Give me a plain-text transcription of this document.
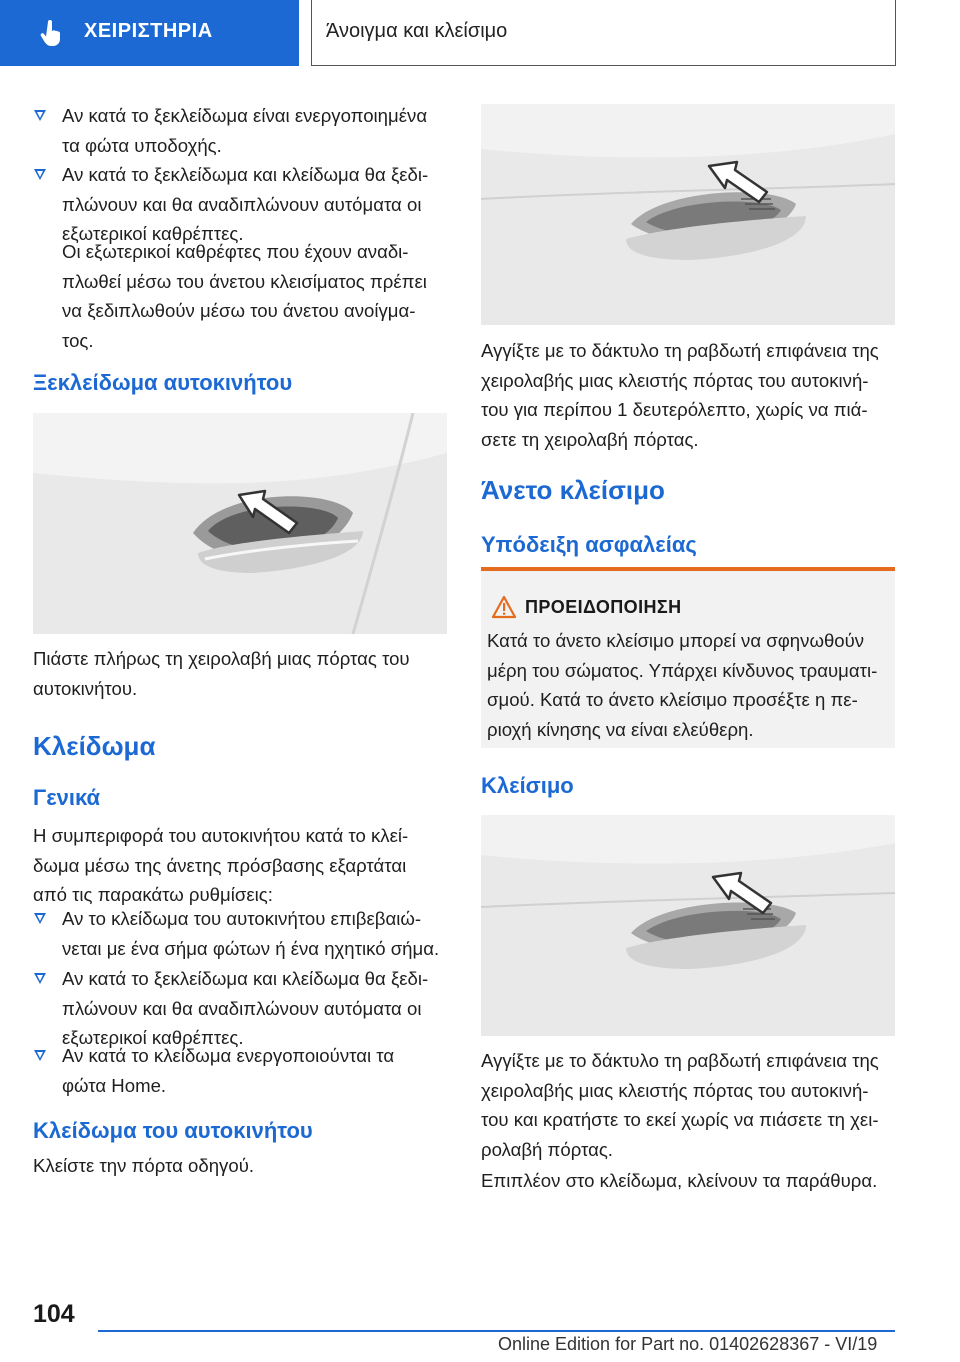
ΧΕΙΡΙΣΤΗΡΙΑ	Άνοιγμα και κλείσιμο
Αν κατά το ξεκλείδωμα είναι ενεργοποιημένα
τα φώτα υποδοχής.
Αν κατά το ξεκλείδωμα και κλείδωμα θα ξεδι-
πλώνουν και θα αναδιπλώνουν αυτόματα οι
εξωτερικοί καθρέπτες.
Οι εξωτερικοί καθρέφτες που έχουν αναδι-
πλωθεί μέσω του άνετου κλεισίματος πρέπει
να ξεδιπλωθούν μέσω του άνετου ανοίγμα-
τος.
Ξεκλείδωμα αυτοκινήτου
Πιάστε πλήρως τη χειρολαβή μιας πόρτας του
αυτοκινήτου.
Κλείδωμα
Γενικά
Η συμπεριφορά του αυτοκινήτου κατά το κλεί-
δωμα μέσω της άνετης πρόσβασης εξαρτάται
από τις παρακάτω ρυθμίσεις:
Αν το κλείδωμα του αυτοκινήτου επιβεβαιώ-
νεται με ένα σήμα φώτων ή ένα ηχητικό σήμα.
Αν κατά το ξεκλείδωμα και κλείδωμα θα ξεδι-
πλώνουν και θα αναδιπλώνουν αυτόματα οι
εξωτερικοί καθρέπτες.
Αν κατά το κλείδωμα ενεργοποιούνται τα
φώτα Home.
Κλείδωμα του αυτοκινήτου
Κλείστε την πόρτα οδηγού.
Αγγίξτε με το δάκτυλο τη ραβδωτή επιφάνεια της
χειρολαβής μιας κλειστής πόρτας του αυτοκινή-
του για περίπου 1 δευτερόλεπτο, χωρίς να πιά-
σετε τη χειρολαβή πόρτας.
Άνετο κλείσιμο
Υπόδειξη ασφαλείας
ΠΡΟΕΙΔΟΠΟΙΗΣΗ
Κατά το άνετο κλείσιμο μπορεί να σφηνωθούν
μέρη του σώματος. Υπάρχει κίνδυνος τραυματι-
σμού. Κατά το άνετο κλείσιμο προσέξτε η πε-
ριοχή κίνησης να είναι ελεύθερη.
Κλείσιμο
Αγγίξτε με το δάκτυλο τη ραβδωτή επιφάνεια της
χειρολαβής μιας κλειστής πόρτας του αυτοκινή-
του και κρατήστε το εκεί χωρίς να πιάσετε τη χει-
ρολαβή πόρτας.
Επιπλέον στο κλείδωμα, κλείνουν τα παράθυρα.
104
Online Edition for Part no. 01402628367 - VI/19
